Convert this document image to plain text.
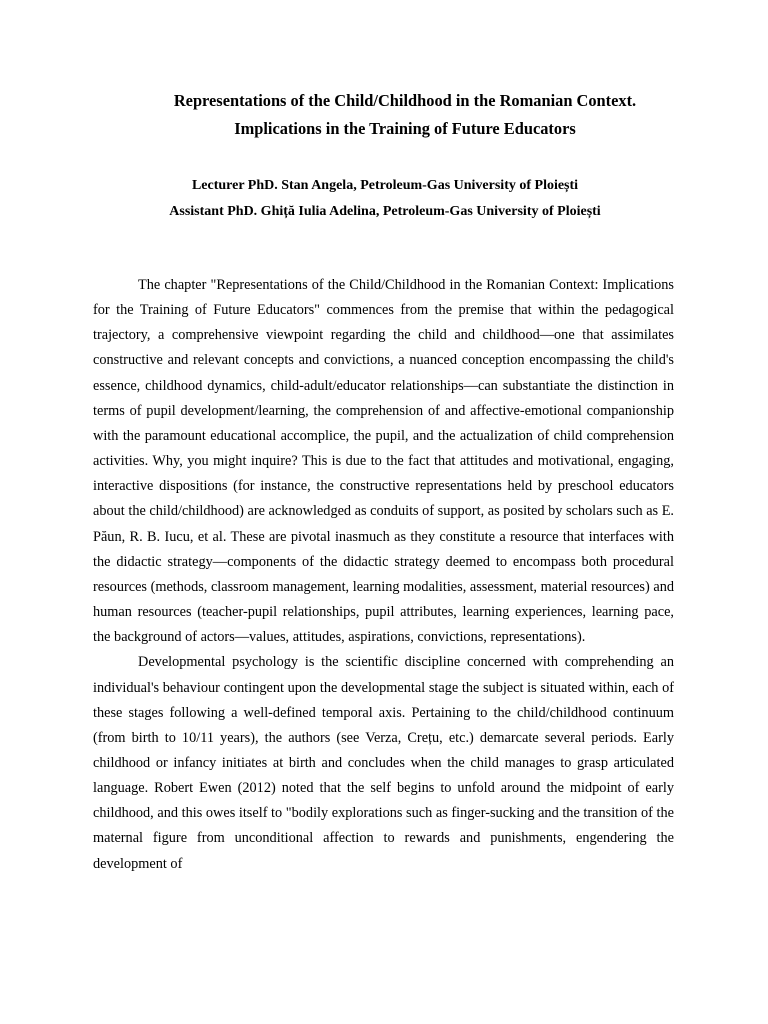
Representations of the Child/Childhood in the Romanian Context.
Implications in the Training of Future Educators
Lecturer PhD. Stan Angela, Petroleum-Gas University of Ploiești
Assistant PhD. Ghiță Iulia Adelina, Petroleum-Gas University of Ploiești

The chapter "Representations of the Child/Childhood in the Romanian Context: Implications for the Training of Future Educators" commences from the premise that within the pedagogical trajectory, a comprehensive viewpoint regarding the child and childhood—one that assimilates constructive and relevant concepts and convictions, a nuanced conception encompassing the child's essence, childhood dynamics, child-adult/educator relationships—can substantiate the distinction in terms of pupil development/learning, the comprehension of and affective-emotional companionship with the paramount educational accomplice, the pupil, and the actualization of child comprehension activities. Why, you might inquire? This is due to the fact that attitudes and motivational, engaging, interactive dispositions (for instance, the constructive representations held by preschool educators about the child/childhood) are acknowledged as conduits of support, as posited by scholars such as E. Păun, R. B. Iucu, et al. These are pivotal inasmuch as they constitute a resource that interfaces with the didactic strategy—components of the didactic strategy deemed to encompass both procedural resources (methods, classroom management, learning modalities, assessment, material resources) and human resources (teacher-pupil relationships, pupil attributes, learning experiences, learning pace, the background of actors—values, attitudes, aspirations, convictions, representations).

Developmental psychology is the scientific discipline concerned with comprehending an individual's behaviour contingent upon the developmental stage the subject is situated within, each of these stages following a well-defined temporal axis. Pertaining to the child/childhood continuum (from birth to 10/11 years), the authors (see Verza, Crețu, etc.) demarcate several periods. Early childhood or infancy initiates at birth and concludes when the child manages to grasp articulated language. Robert Ewen (2012) noted that the self begins to unfold around the midpoint of early childhood, and this owes itself to "bodily explorations such as finger-sucking and the transition of the maternal figure from unconditional affection to rewards and punishments, engendering the development of
